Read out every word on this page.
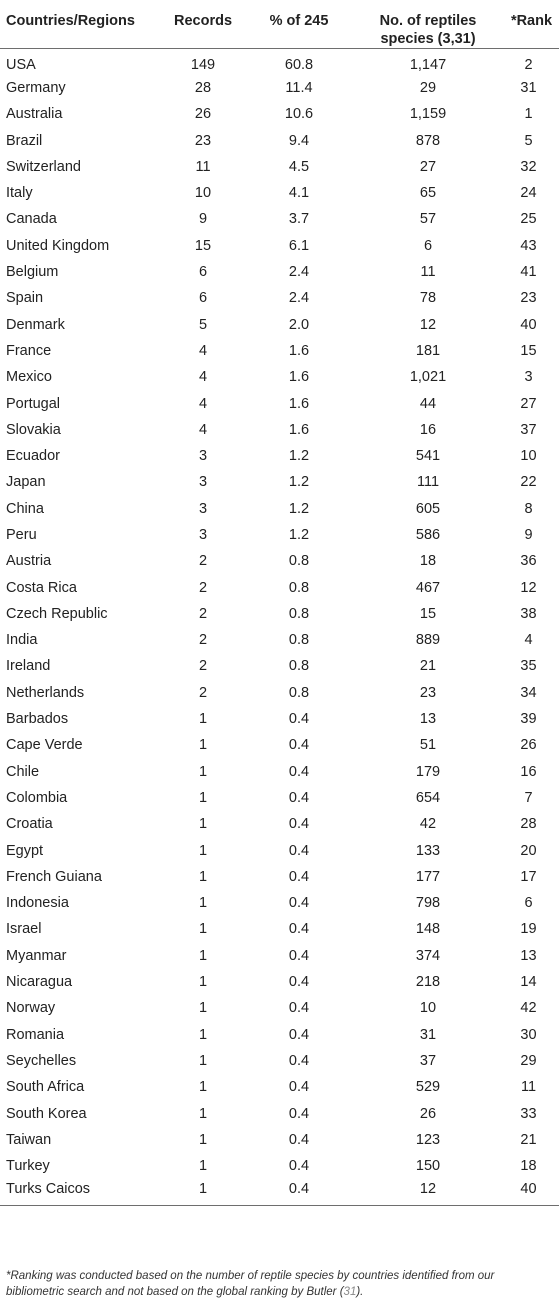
Countries/Regions	Records	% of 245	No. of reptiles species (3,31)	*Rank
USA	149	60.8	1,147	2
Germany	28	11.4	29	31
Australia	26	10.6	1,159	1
Brazil	23	9.4	878	5
Switzerland	11	4.5	27	32
Italy	10	4.1	65	24
Canada	9	3.7	57	25
United Kingdom	15	6.1	6	43
Belgium	6	2.4	11	41
Spain	6	2.4	78	23
Denmark	5	2.0	12	40
France	4	1.6	181	15
Mexico	4	1.6	1,021	3
Portugal	4	1.6	44	27
Slovakia	4	1.6	16	37
Ecuador	3	1.2	541	10
Japan	3	1.2	111	22
China	3	1.2	605	8
Peru	3	1.2	586	9
Austria	2	0.8	18	36
Costa Rica	2	0.8	467	12
Czech Republic	2	0.8	15	38
India	2	0.8	889	4
Ireland	2	0.8	21	35
Netherlands	2	0.8	23	34
Barbados	1	0.4	13	39
Cape Verde	1	0.4	51	26
Chile	1	0.4	179	16
Colombia	1	0.4	654	7
Croatia	1	0.4	42	28
Egypt	1	0.4	133	20
French Guiana	1	0.4	177	17
Indonesia	1	0.4	798	6
Israel	1	0.4	148	19
Myanmar	1	0.4	374	13
Nicaragua	1	0.4	218	14
Norway	1	0.4	10	42
Romania	1	0.4	31	30
Seychelles	1	0.4	37	29
South Africa	1	0.4	529	11
South Korea	1	0.4	26	33
Taiwan	1	0.4	123	21
Turkey	1	0.4	150	18
Turks Caicos	1	0.4	12	40

*Ranking was conducted based on the number of reptile species by countries identified from our bibliometric search and not based on the global ranking by Butler (31).
